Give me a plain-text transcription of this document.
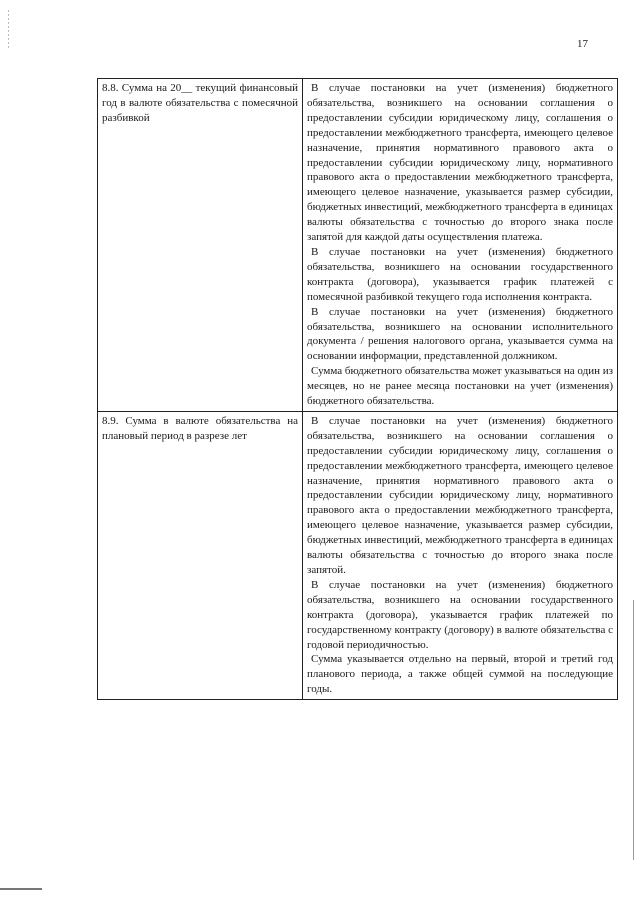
17
8.8. Сумма на 20__ текущий финансовый год в валюте обязательства с помесячной разбивкой	В случае постановки на учет (изменения) бюджетного обязательства, возникшего на основании соглашения о предоставлении субсидии юридическому лицу, соглашения о предоставлении межбюджетного трансферта, имеющего целевое назначение, принятия нормативного правового акта о предоставлении субсидии юридическому лицу, нормативного правового акта о предоставлении межбюджетного трансферта, имеющего целевое назначение, указывается размер субсидии, бюджетных инвестиций, межбюджетного трансферта в единицах валюты обязательства с точностью до второго знака после запятой для каждой даты осуществления платежа.

В случае постановки на учет (изменения) бюджетного обязательства, возникшего на основании государственного контракта (договора), указывается график платежей с помесячной разбивкой текущего года исполнения контракта.

В случае постановки на учет (изменения) бюджетного обязательства, возникшего на основании исполнительного документа / решения налогового органа, указывается сумма на основании информации, представленной должником.

Сумма бюджетного обязательства может указываться на один из месяцев, но не ранее месяца постановки на учет (изменения) бюджетного обязательства.

8.9. Сумма в валюте обязательства на плановый период в разрезе лет	В случае постановки на учет (изменения) бюджетного обязательства, возникшего на основании соглашения о предоставлении субсидии юридическому лицу, соглашения о предоставлении межбюджетного трансферта, имеющего целевое назначение, принятия нормативного правового акта о предоставлении субсидии юридическому лицу, нормативного правового акта о предоставлении межбюджетного трансферта, имеющего целевое назначение, указывается размер субсидии, бюджетных инвестиций, межбюджетного трансферта в единицах валюты обязательства с точностью до второго знака после запятой.

В случае постановки на учет (изменения) бюджетного обязательства, возникшего на основании государственного контракта (договора), указывается график платежей по государственному контракту (договору) в валюте обязательства с годовой периодичностью.

Сумма указывается отдельно на первый, второй и третий год планового периода, а также общей суммой на последующие годы.
